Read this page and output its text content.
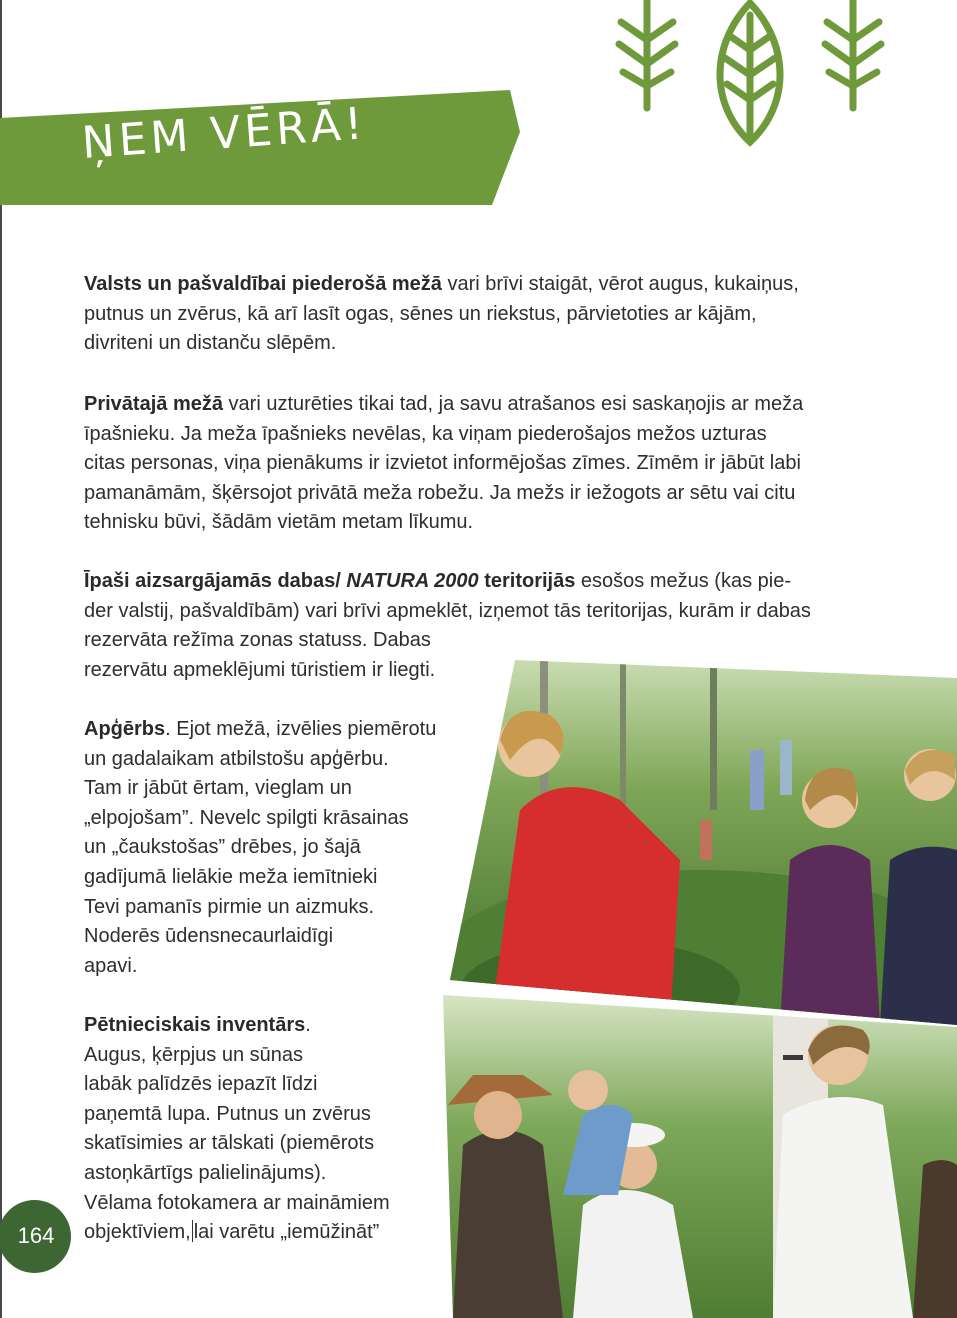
ŅEM VĒRĀ!

Valsts un pašvaldībai piederošā mežā vari brīvi staigāt, vērot augus, kukaiņus,
putnus un zvērus, kā arī lasīt ogas, sēnes un riekstus, pārvietoties ar kājām,
divriteni un distanču slēpēm.

Privātajā mežā vari uzturēties tikai tad, ja savu atrašanos esi saskaņojis ar meža
īpašnieku. Ja meža īpašnieks nevēlas, ka viņam piederošajos mežos uzturas
citas personas, viņa pienākums ir izvietot informējošas zīmes. Zīmēm ir jābūt labi
pamanāmām, šķērsojot privātā meža robežu. Ja mežs ir iežogots ar sētu vai citu
tehnisku būvi, šādām vietām metam līkumu.

Īpaši aizsargājamās dabas/ NATURA 2000 teritorijās esošos mežus (kas pie-
der valstij, pašvaldībām) vari brīvi apmeklēt, izņemot tās teritorijas, kurām ir dabas
rezervāta režīma zonas statuss. Dabas
rezervātu apmeklējumi tūristiem ir liegti.

Apģērbs. Ejot mežā, izvēlies piemērotu
un gadalaikam atbilstošu apģērbu.
Tam ir jābūt ērtam, vieglam un
„elpojošam”. Nevelc spilgti krāsainas
un „čaukstošas” drēbes, jo šajā
gadījumā lielākie meža iemītnieki
Tevi pamanīs pirmie un aizmuks.
Noderēs ūdensnecaurlaidīgi
apavi.

Pētnieciskais inventārs.
Augus, ķērpjus un sūnas
labāk palīdzēs iepazīt līdzi
paņemtā lupa. Putnus un zvērus
skatīsimies ar tālskati (piemērots
astoņkārtīgs palielinājums).
Vēlama fotokamera ar maināmiem
objektīviem, lai varētu „iemūžināt”

164
